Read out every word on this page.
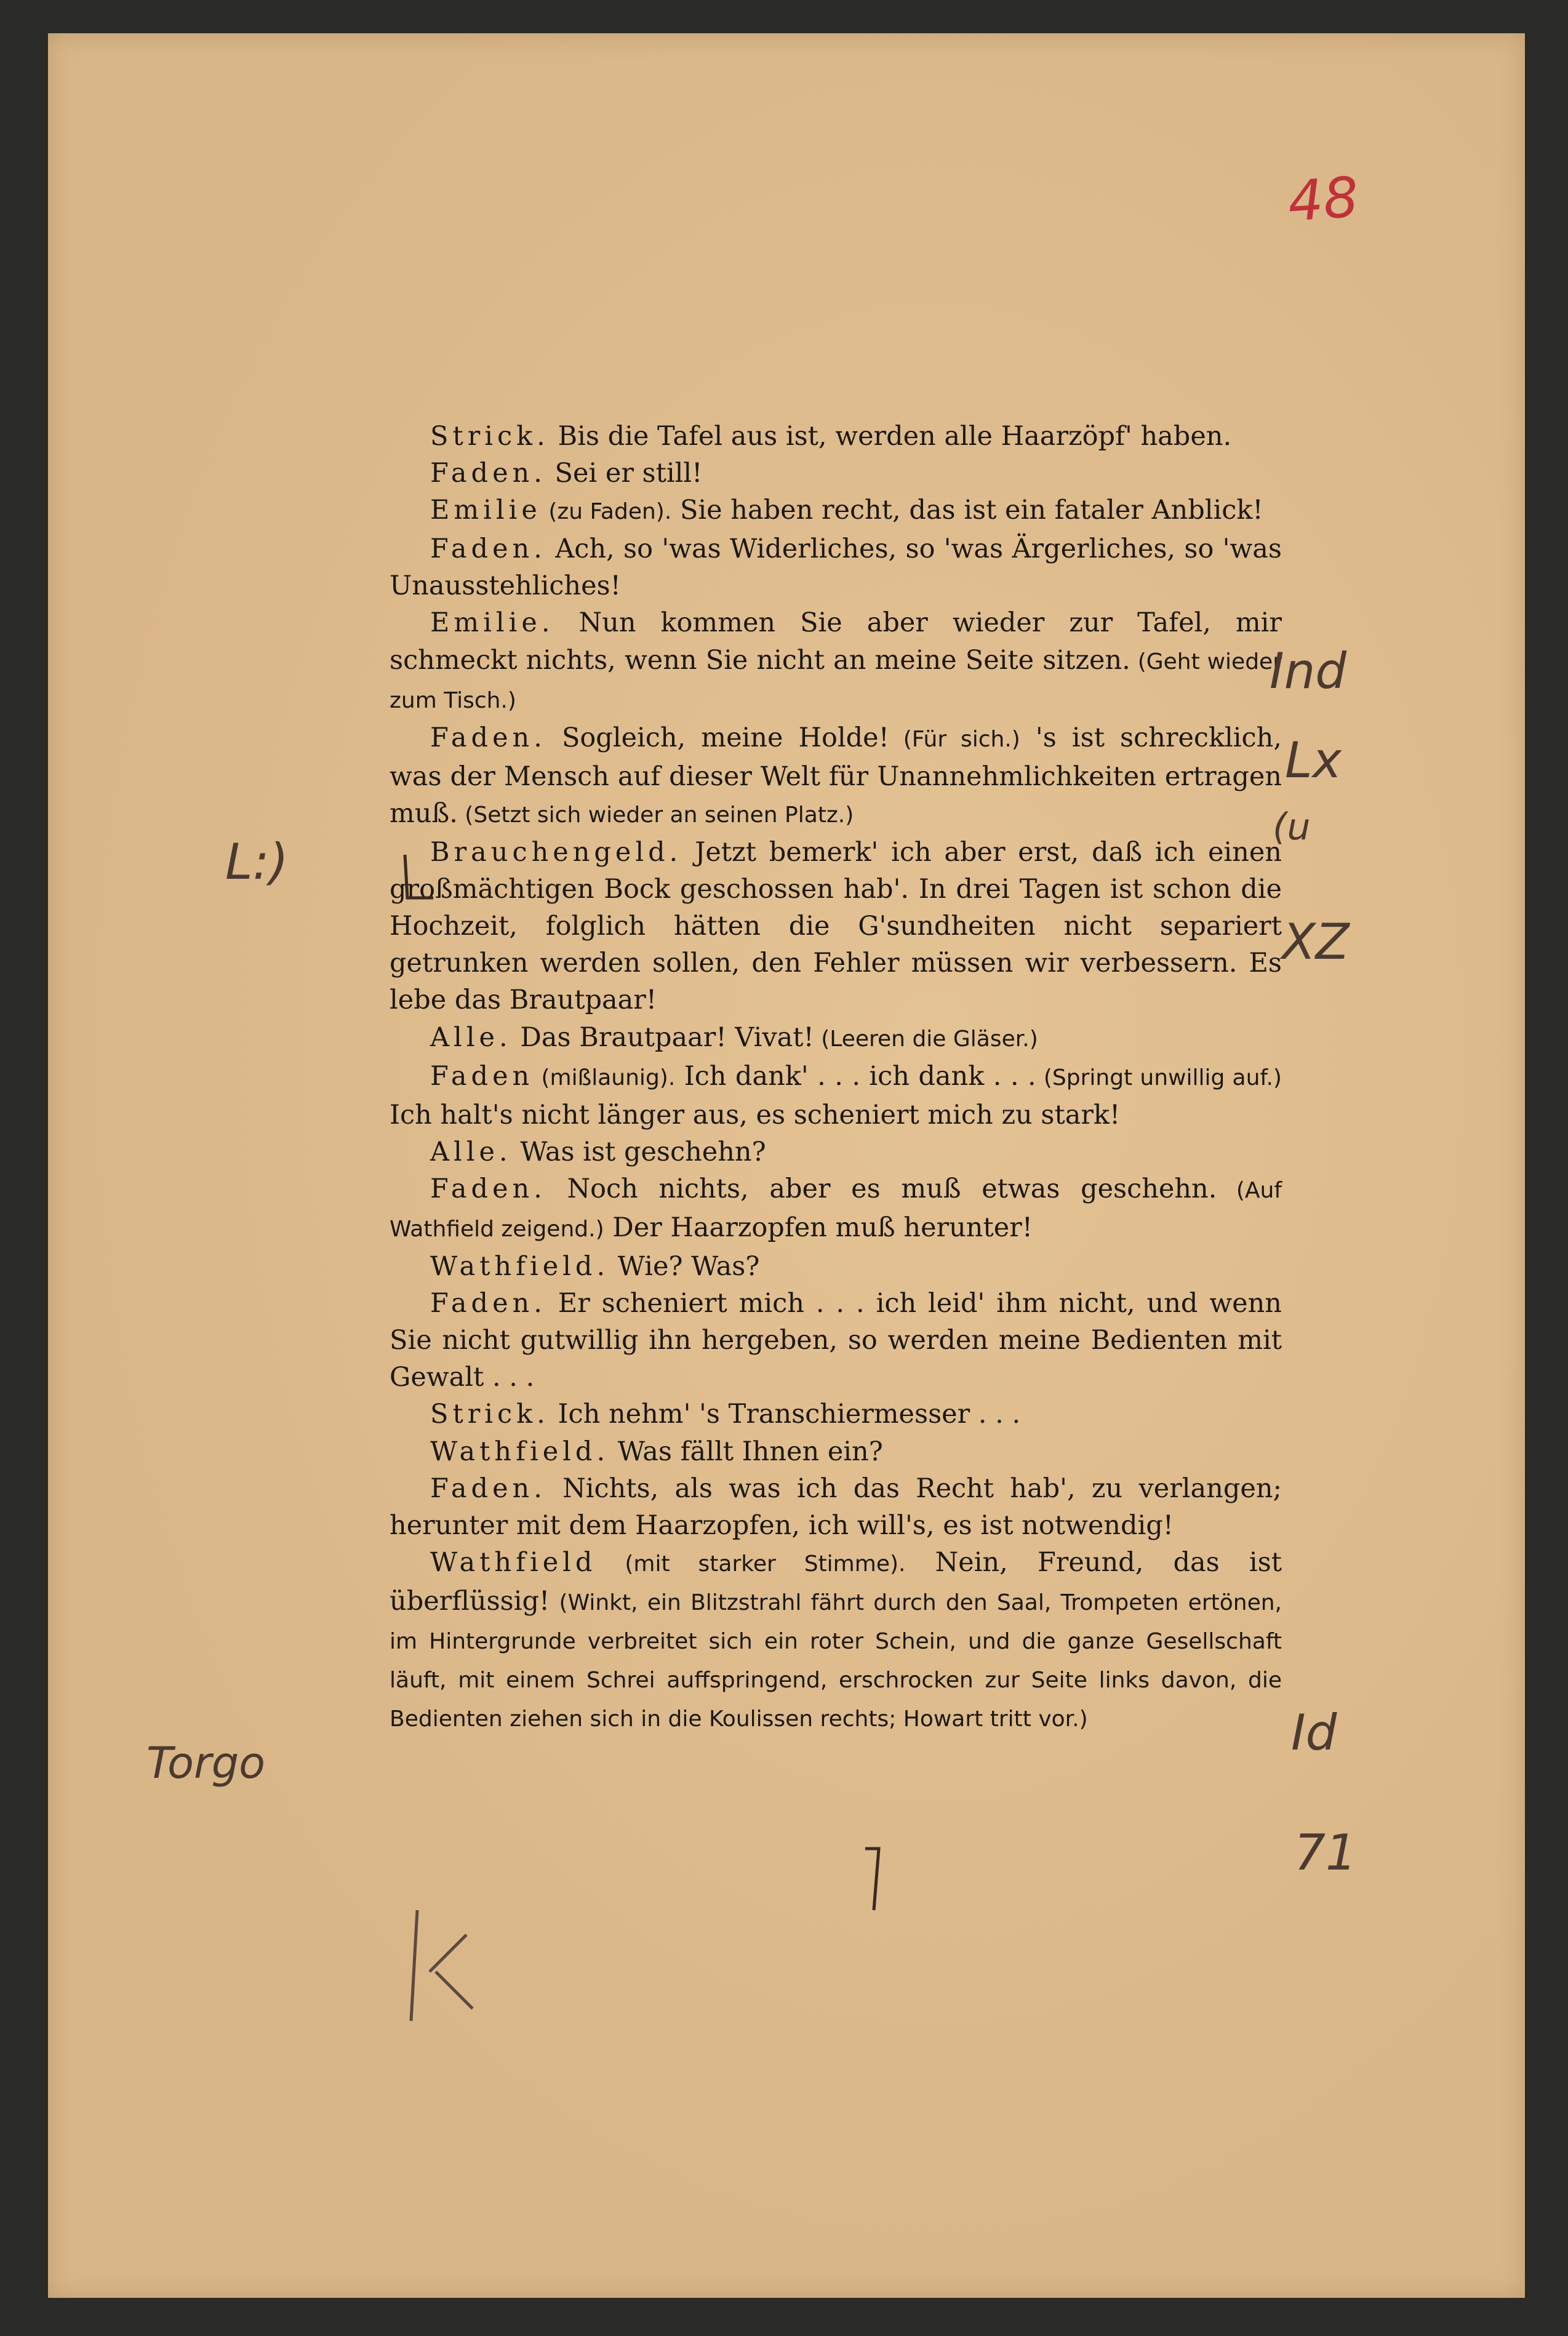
48

Strick. Bis die Tafel aus ist, werden alle Haarzöpf' haben.

Faden. Sei er still!

Emilie (zu Faden). Sie haben recht, das ist ein fataler Anblick!

Faden. Ach, so 'was Widerliches, so 'was Ärgerliches, so 'was Unausstehliches!

Emilie. Nun kommen Sie aber wieder zur Tafel, mir schmeckt nichts, wenn Sie nicht an meine Seite sitzen. (Geht wieder zum Tisch.)

Faden. Sogleich, meine Holde! (Für sich.) 's ist schrecklich, was der Mensch auf dieser Welt für Unannehmlichkeiten ertragen muß. (Setzt sich wieder an seinen Platz.)

Brauchengeld. Jetzt bemerk' ich aber erst, daß ich einen großmächtigen Bock geschossen hab'. In drei Tagen ist schon die Hochzeit, folglich hätten die G'sundheiten nicht separiert getrunken werden sollen, den Fehler müssen wir verbessern. Es lebe das Brautpaar!

Alle. Das Brautpaar! Vivat! (Leeren die Gläser.)

Faden (mißlaunig). Ich dank' . . . ich dank . . . (Springt unwillig auf.) Ich halt's nicht länger aus, es scheniert mich zu stark!

Alle. Was ist geschehn?

Faden. Noch nichts, aber es muß etwas geschehn. (Auf Wathfield zeigend.) Der Haarzopfen muß herunter!

Wathfield. Wie? Was?

Faden. Er scheniert mich . . . ich leid' ihm nicht, und wenn Sie nicht gutwillig ihn hergeben, so werden meine Bedienten mit Gewalt . . .

Strick. Ich nehm' 's Transchiermesser . . .

Wathfield. Was fällt Ihnen ein?

Faden. Nichts, als was ich das Recht hab', zu verlangen; herunter mit dem Haarzopfen, ich will's, es ist notwendig!

Wathfield (mit starker Stimme). Nein, Freund, das ist überflüssig! (Winkt, ein Blitzstrahl fährt durch den Saal, Trompeten ertönen, im Hintergrunde verbreitet sich ein roter Schein, und die ganze Gesellschaft läuft, mit einem Schrei auffspringend, erschrocken zur Seite links davon, die Bedienten ziehen sich in die Koulissen rechts; Howart tritt vor.)

Ind
Lx
(u
XZ
L:)
Torgo
Id
71
